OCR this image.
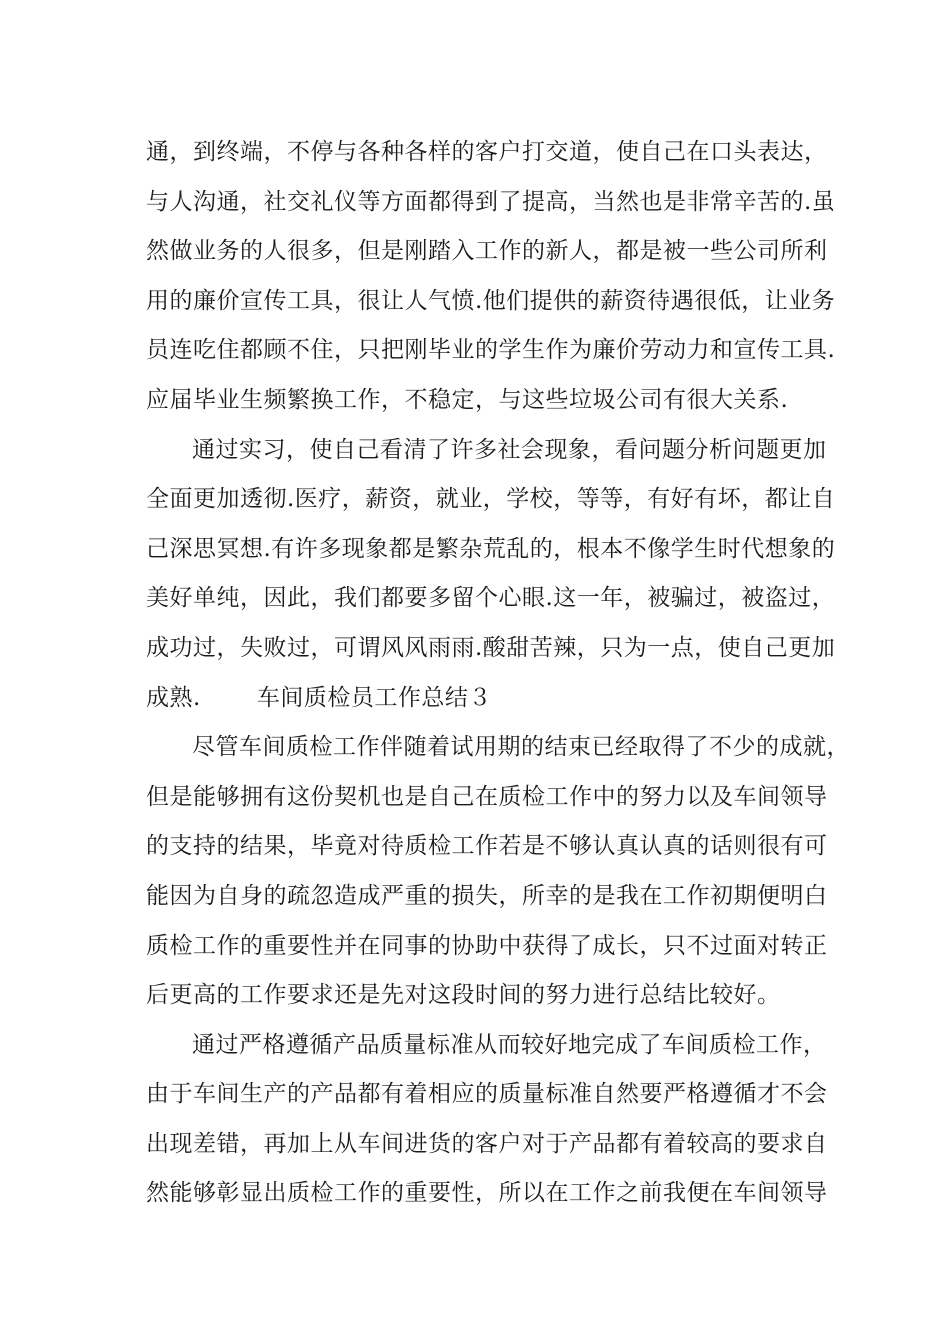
通，到终端，不停与各种各样的客户打交道，使自己在口头表达，
与人沟通，社交礼仪等方面都得到了提高，当然也是非常辛苦的.虽
然做业务的人很多，但是刚踏入工作的新人，都是被一些公司所利
用的廉价宣传工具，很让人气愤.他们提供的薪资待遇很低，让业务
员连吃住都顾不住，只把刚毕业的学生作为廉价劳动力和宣传工具.
应届毕业生频繁换工作，不稳定，与这些垃圾公司有很大关系.
通过实习，使自己看清了许多社会现象，看问题分析问题更加
全面更加透彻.医疗，薪资，就业，学校，等等，有好有坏，都让自
己深思冥想.有许多现象都是繁杂荒乱的，根本不像学生时代想象的
美好单纯，因此，我们都要多留个心眼.这一年，被骗过，被盗过，
成功过，失败过，可谓风风雨雨.酸甜苦辣，只为一点，使自己更加
成熟. 车间质检员工作总结３
尽管车间质检工作伴随着试用期的结束已经取得了不少的成就，
但是能够拥有这份契机也是自己在质检工作中的努力以及车间领导
的支持的结果，毕竟对待质检工作若是不够认真认真的话则很有可
能因为自身的疏忽造成严重的损失，所幸的是我在工作初期便明白
质检工作的重要性并在同事的协助中获得了成长，只不过面对转正
后更高的工作要求还是先对这段时间的努力进行总结比较好。
通过严格遵循产品质量标准从而较好地完成了车间质检工作，
由于车间生产的产品都有着相应的质量标准自然要严格遵循才不会
出现差错，再加上从车间进货的客户对于产品都有着较高的要求自
然能够彰显出质检工作的重要性，所以在工作之前我便在车间领导
